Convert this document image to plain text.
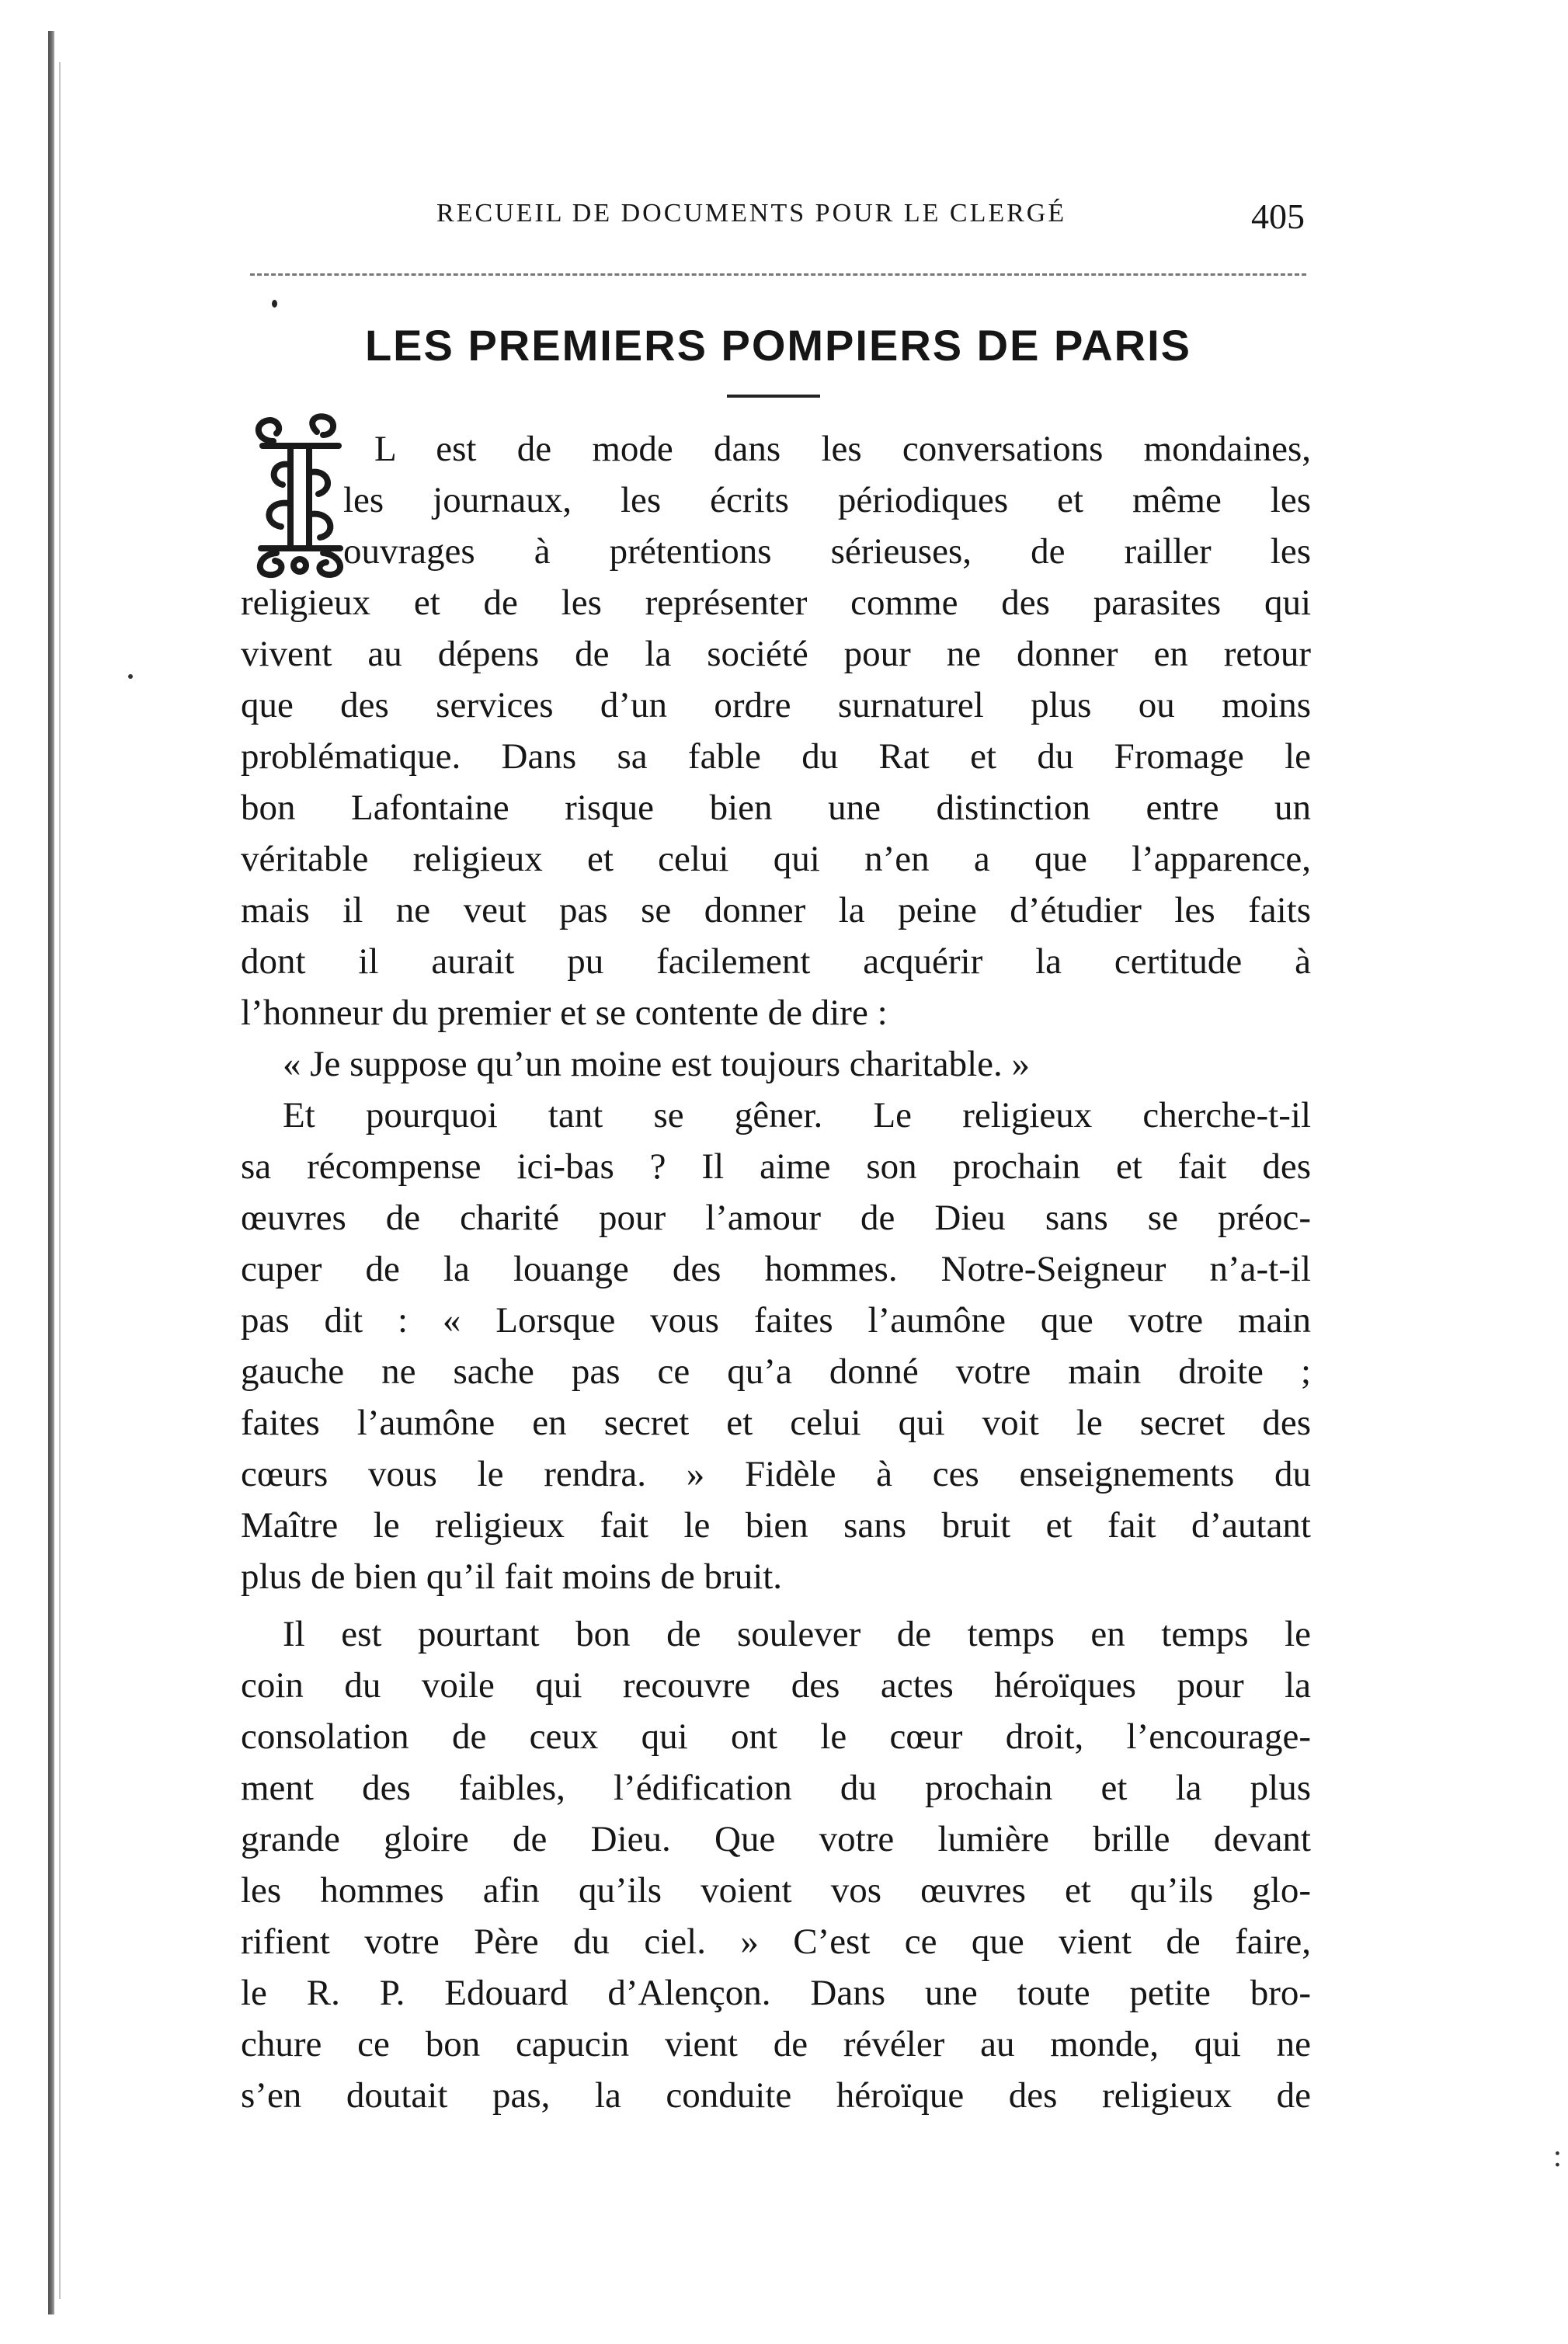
RECUEIL DE DOCUMENTS POUR LE CLERGÉ	405
LES PREMIERS POMPIERS DE PARIS
L est de mode dans les conversations mondaines,
les journaux, les écrits périodiques et même les
ouvrages à prétentions sérieuses, de railler les
religieux et de les représenter comme des parasites qui
vivent au dépens de la société pour ne donner en retour
que des services d’un ordre surnaturel plus ou moins
problématique. Dans sa fable du Rat et du Fromage le
bon Lafontaine risque bien une distinction entre un
véritable religieux et celui qui n’en a que l’apparence,
mais il ne veut pas se donner la peine d’étudier les faits
dont il aurait pu facilement acquérir la certitude à
l’honneur du premier et se contente de dire :
« Je suppose qu’un moine est toujours charitable. »
Et pourquoi tant se gêner. Le religieux cherche-t-il
sa récompense ici-bas ? Il aime son prochain et fait des
œuvres de charité pour l’amour de Dieu sans se préoc-
cuper de la louange des hommes. Notre-Seigneur n’a-t-il
pas dit : « Lorsque vous faites l’aumône que votre main
gauche ne sache pas ce qu’a donné votre main droite ;
faites l’aumône en secret et celui qui voit le secret des
cœurs vous le rendra. » Fidèle à ces enseignements du
Maître le religieux fait le bien sans bruit et fait d’autant
plus de bien qu’il fait moins de bruit.
Il est pourtant bon de soulever de temps en temps le
coin du voile qui recouvre des actes héroïques pour la
consolation de ceux qui ont le cœur droit, l’encourage-
ment des faibles, l’édification du prochain et la plus
grande gloire de Dieu. Que votre lumière brille devant
les hommes afin qu’ils voient vos œuvres et qu’ils glo-
rifient votre Père du ciel. » C’est ce que vient de faire,
le R. P. Edouard d’Alençon. Dans une toute petite bro-
chure ce bon capucin vient de révéler au monde, qui ne
s’en doutait pas, la conduite héroïque des religieux de
:
